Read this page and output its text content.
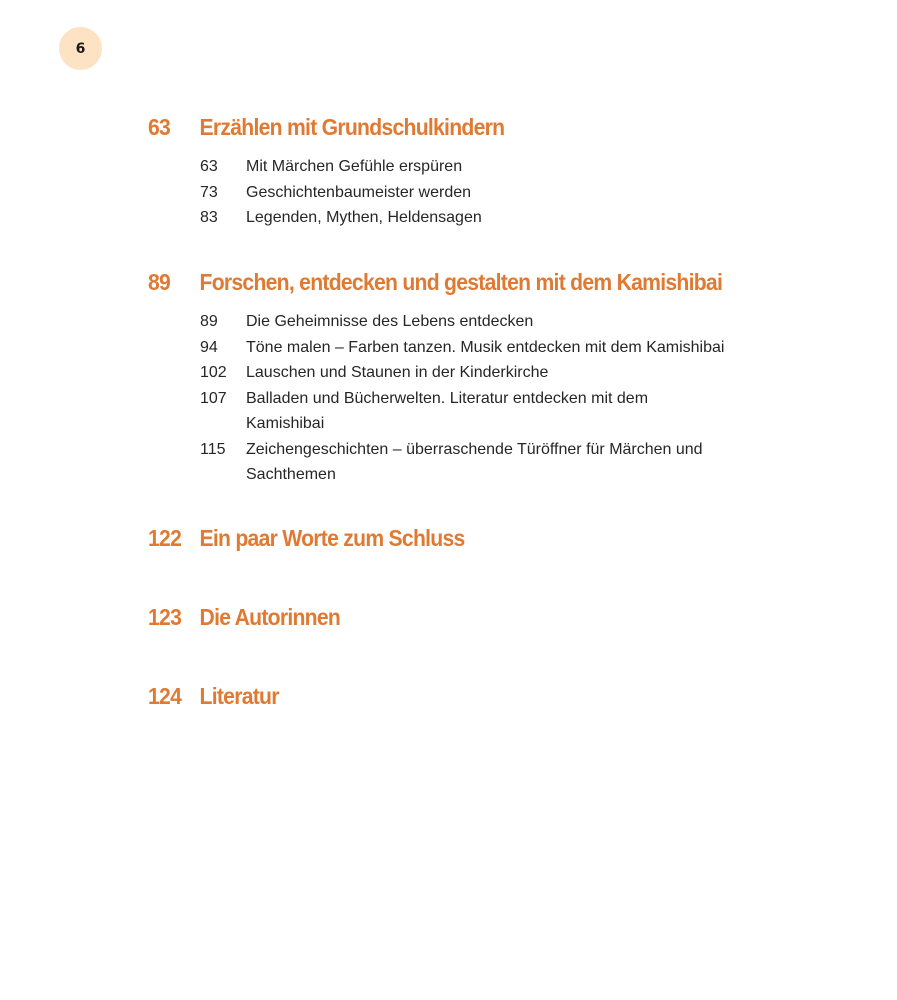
6
63	Erzählen mit Grundschulkindern
63	Mit Märchen Gefühle erspüren
73	Geschichtenbaumeister werden
83	Legenden, Mythen, Heldensagen
89	Forschen, entdecken und gestalten mit dem Kamishibai
89	Die Geheimnisse des Lebens entdecken
94	Töne malen – Farben tanzen. Musik entdecken mit dem Kamishibai
102	Lauschen und Staunen in der Kinderkirche
107	Balladen und Bücherwelten. Literatur entdecken mit dem Kamishibai
115	Zeichengeschichten – überraschende Türöffner für Märchen und Sachthemen
122 Ein paar Worte zum Schluss
123 Die Autorinnen
124 Literatur
